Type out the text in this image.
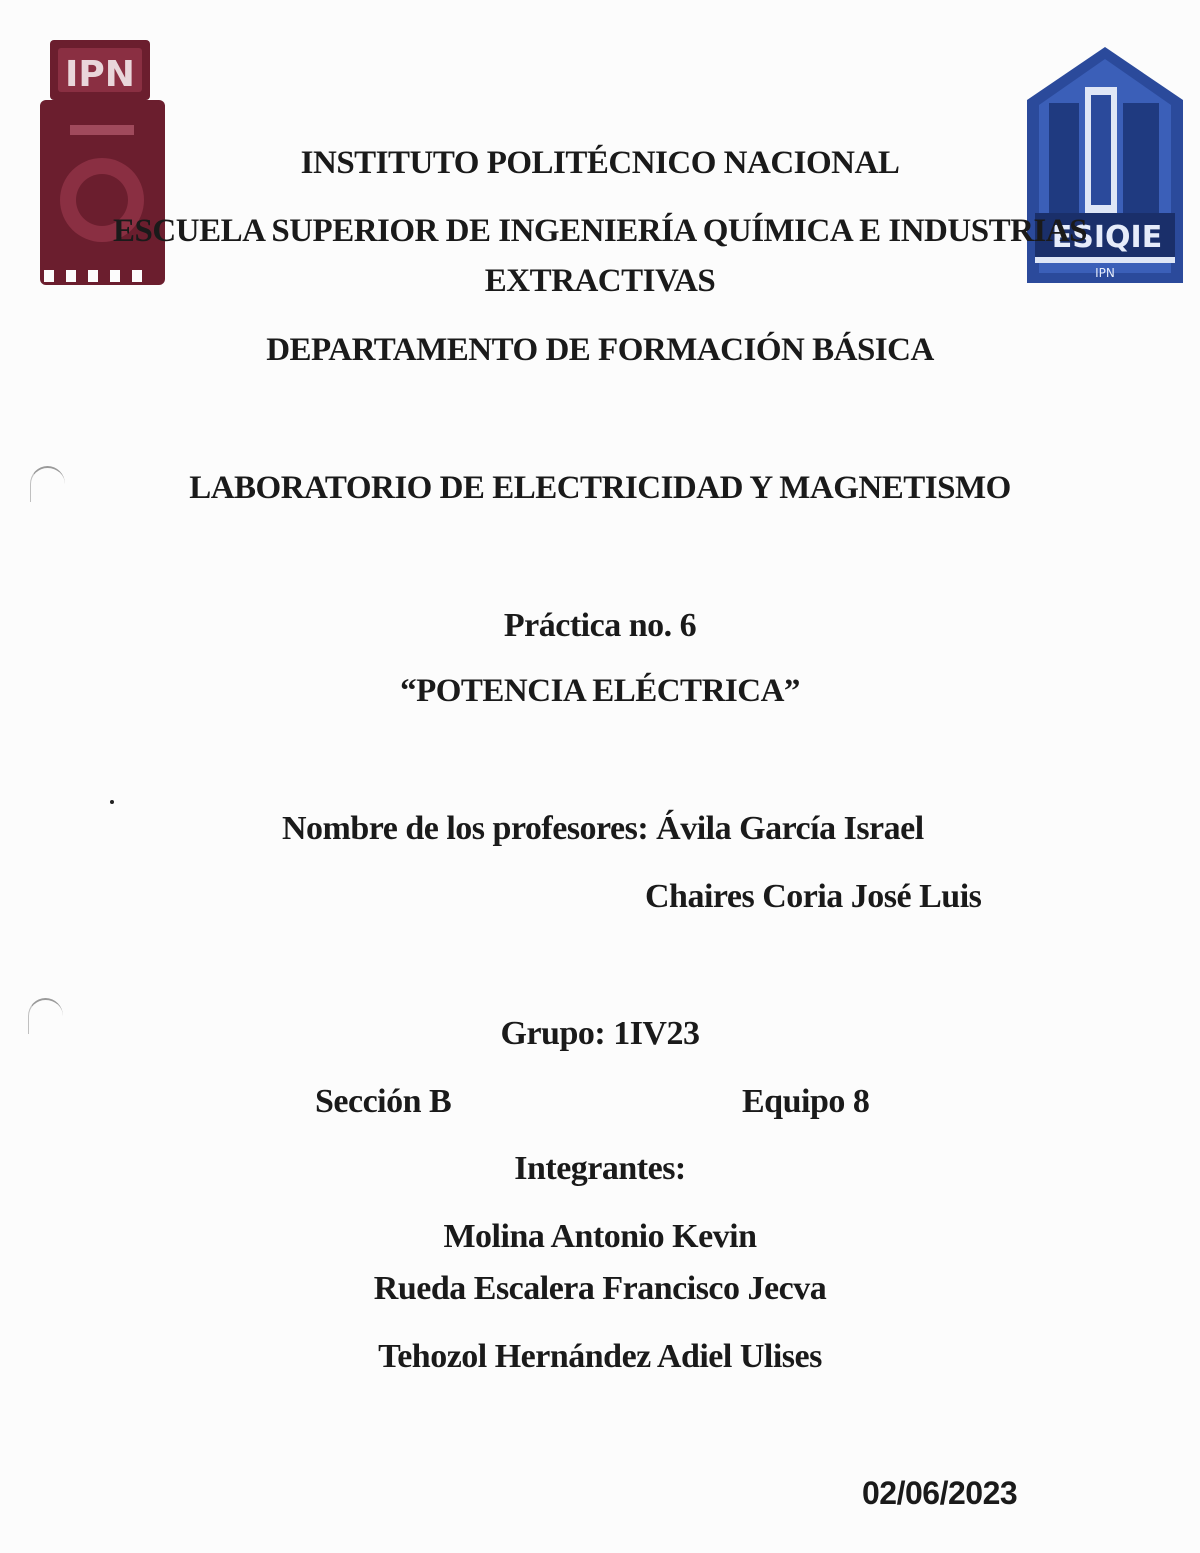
IPN
ESIQIE
IPN
INSTITUTO POLITÉCNICO NACIONAL
ESCUELA SUPERIOR DE INGENIERÍA QUÍMICA E INDUSTRIAS
EXTRACTIVAS
DEPARTAMENTO DE FORMACIÓN BÁSICA
LABORATORIO DE ELECTRICIDAD Y MAGNETISMO
Práctica no. 6
“POTENCIA ELÉCTRICA”
Nombre de los profesores: Ávila García Israel
Chaires Coria José Luis
Grupo: 1IV23
Sección B	Equipo 8
Integrantes:
Molina Antonio Kevin
Rueda Escalera Francisco Jecva
Tehozol Hernández Adiel Ulises
02/06/2023
